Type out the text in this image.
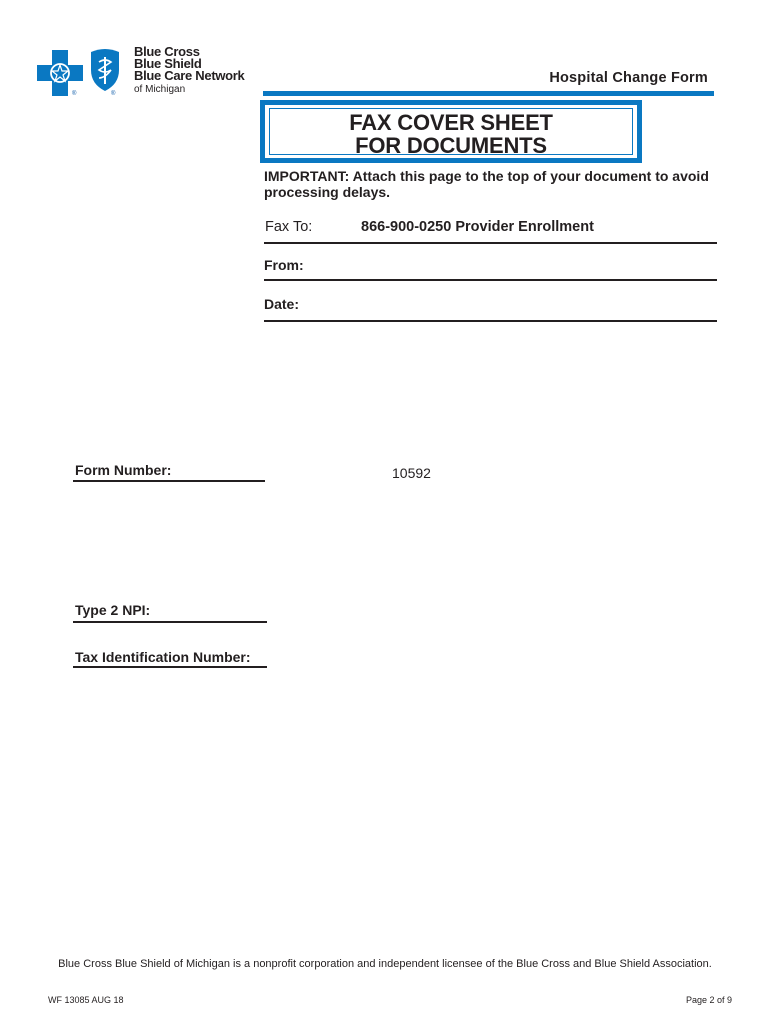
®	®
Blue Cross
Blue Shield
Blue Care Network
of Michigan
Hospital Change Form
FAX COVER SHEET
FOR DOCUMENTS
IMPORTANT: Attach this page to the top of your document to avoid processing delays.
Fax To:	866-900-0250 Provider Enrollment
From:
Date:
Form Number:	10592
Type 2 NPI:
Tax Identification Number:
Blue Cross Blue Shield of Michigan is a nonprofit corporation and independent licensee of the Blue Cross and Blue Shield Association.
WF 13085 AUG 18	Page 2 of 9
